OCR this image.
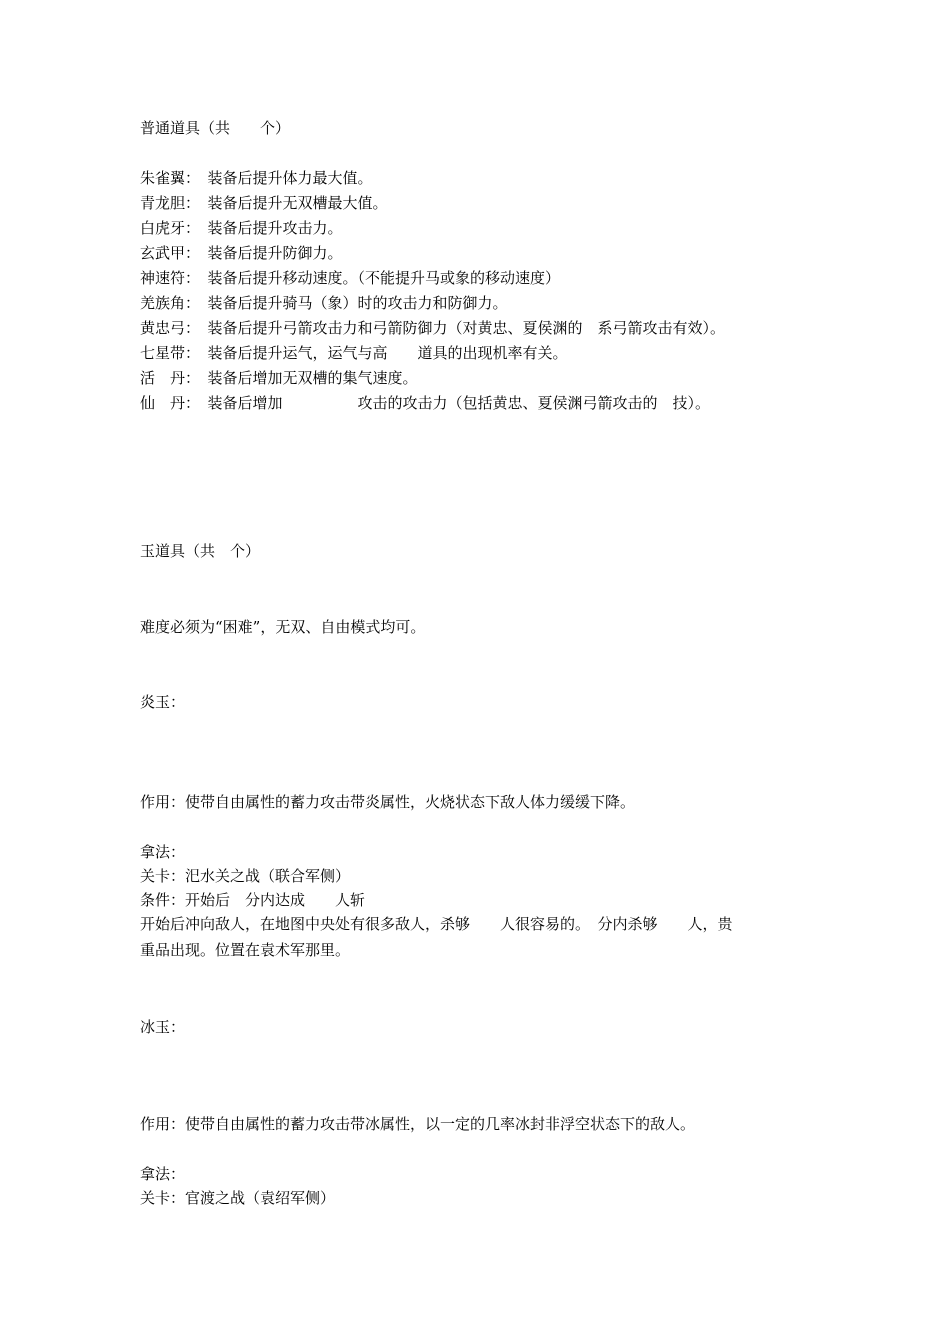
普通道具（共　　个）
朱雀翼：　装备后提升体力最大值。
青龙胆：　装备后提升无双槽最大值。
白虎牙：　装备后提升攻击力。
玄武甲：　装备后提升防御力。
神速符：　装备后提升移动速度。（不能提升马或象的移动速度）
羌族角：　装备后提升骑马（象）时的攻击力和防御力。
黄忠弓：　装备后提升弓箭攻击力和弓箭防御力（对黄忠、夏侯渊的　系弓箭攻击有效）。
七星带：　装备后提升运气，运气与高　　道具的出现机率有关。
活　丹：　装备后增加无双槽的集气速度。
仙　丹：　装备后增加　　　　　攻击的攻击力（包括黄忠、夏侯渊弓箭攻击的　技）。
玉道具（共　个）
难度必须为“困难”，无双、自由模式均可。
炎玉：
作用：使带自由属性的蓄力攻击带炎属性，火烧状态下敌人体力缓缓下降。
拿法：
关卡：汜水关之战（联合军侧）
条件：开始后　分内达成　　人斩
开始后冲向敌人，在地图中央处有很多敌人，杀够　　人很容易的。　分内杀够　　人，贵
重品出现。位置在袁术军那里。
冰玉：
作用：使带自由属性的蓄力攻击带冰属性，以一定的几率冰封非浮空状态下的敌人。
拿法：
关卡：官渡之战（袁绍军侧）
